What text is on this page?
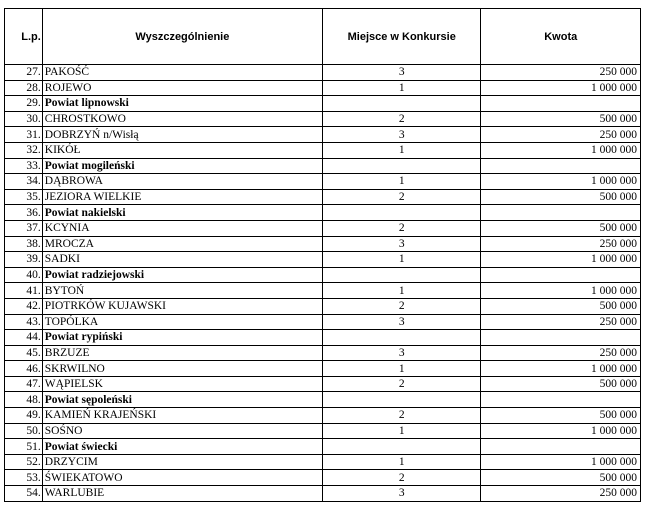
L.p.	Wyszczególnienie	Miejsce w Konkursie	Kwota
27.	PAKOŚĆ	3	250 000
28.	ROJEWO	1	1 000 000
29.	Powiat lipnowski		
30.	CHROSTKOWO	2	500 000
31.	DOBRZYŃ n/Wisłą	3	250 000
32.	KIKÓŁ	1	1 000 000
33.	Powiat mogileński		
34.	DĄBROWA	1	1 000 000
35.	JEZIORA WIELKIE	2	500 000
36.	Powiat nakielski		
37.	KCYNIA	2	500 000
38.	MROCZA	3	250 000
39.	SADKI	1	1 000 000
40.	Powiat radziejowski		
41.	BYTOŃ	1	1 000 000
42.	PIOTRKÓW KUJAWSKI	2	500 000
43.	TOPÓLKA	3	250 000
44.	Powiat rypiński		
45.	BRZUZE	3	250 000
46.	SKRWILNO	1	1 000 000
47.	WĄPIELSK	2	500 000
48.	Powiat sępoleński		
49.	KAMIEŃ KRAJEŃSKI	2	500 000
50.	SOŚNO	1	1 000 000
51.	Powiat świecki		
52.	DRZYCIM	1	1 000 000
53.	ŚWIEKATOWO	2	500 000
54.	WARLUBIE	3	250 000
